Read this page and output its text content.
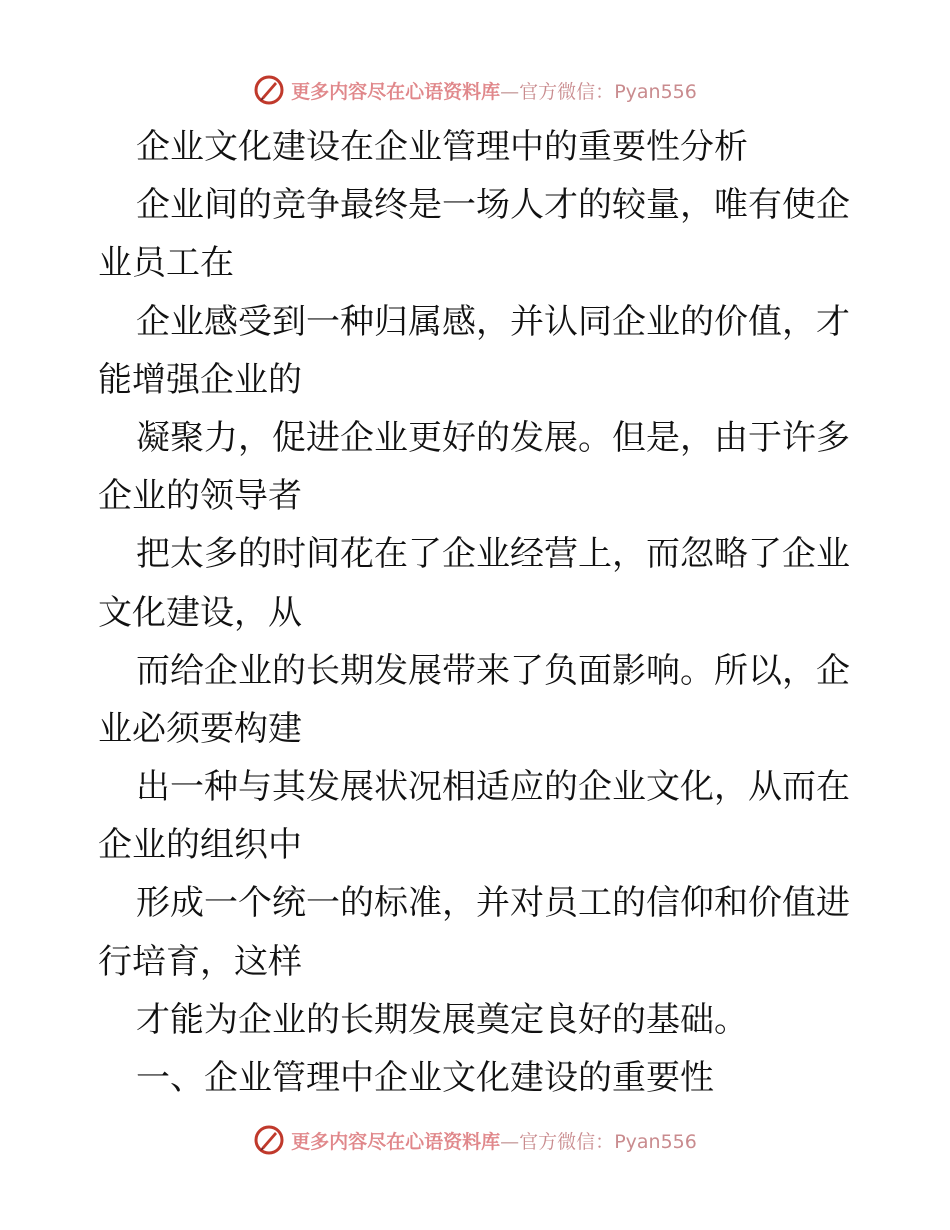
更多内容尽在心语资料库—官方微信：Pyan556
企业文化建设在企业管理中的重要性分析
企业间的竞争最终是一场人才的较量，唯有使企
业员工在
企业感受到一种归属感，并认同企业的价值，才
能增强企业的
凝聚力，促进企业更好的发展。但是，由于许多
企业的领导者
把太多的时间花在了企业经营上，而忽略了企业
文化建设，从
而给企业的长期发展带来了负面影响。所以，企
业必须要构建
出一种与其发展状况相适应的企业文化，从而在
企业的组织中
形成一个统一的标准，并对员工的信仰和价值进
行培育，这样
才能为企业的长期发展奠定良好的基础。
一、企业管理中企业文化建设的重要性
更多内容尽在心语资料库—官方微信：Pyan556
